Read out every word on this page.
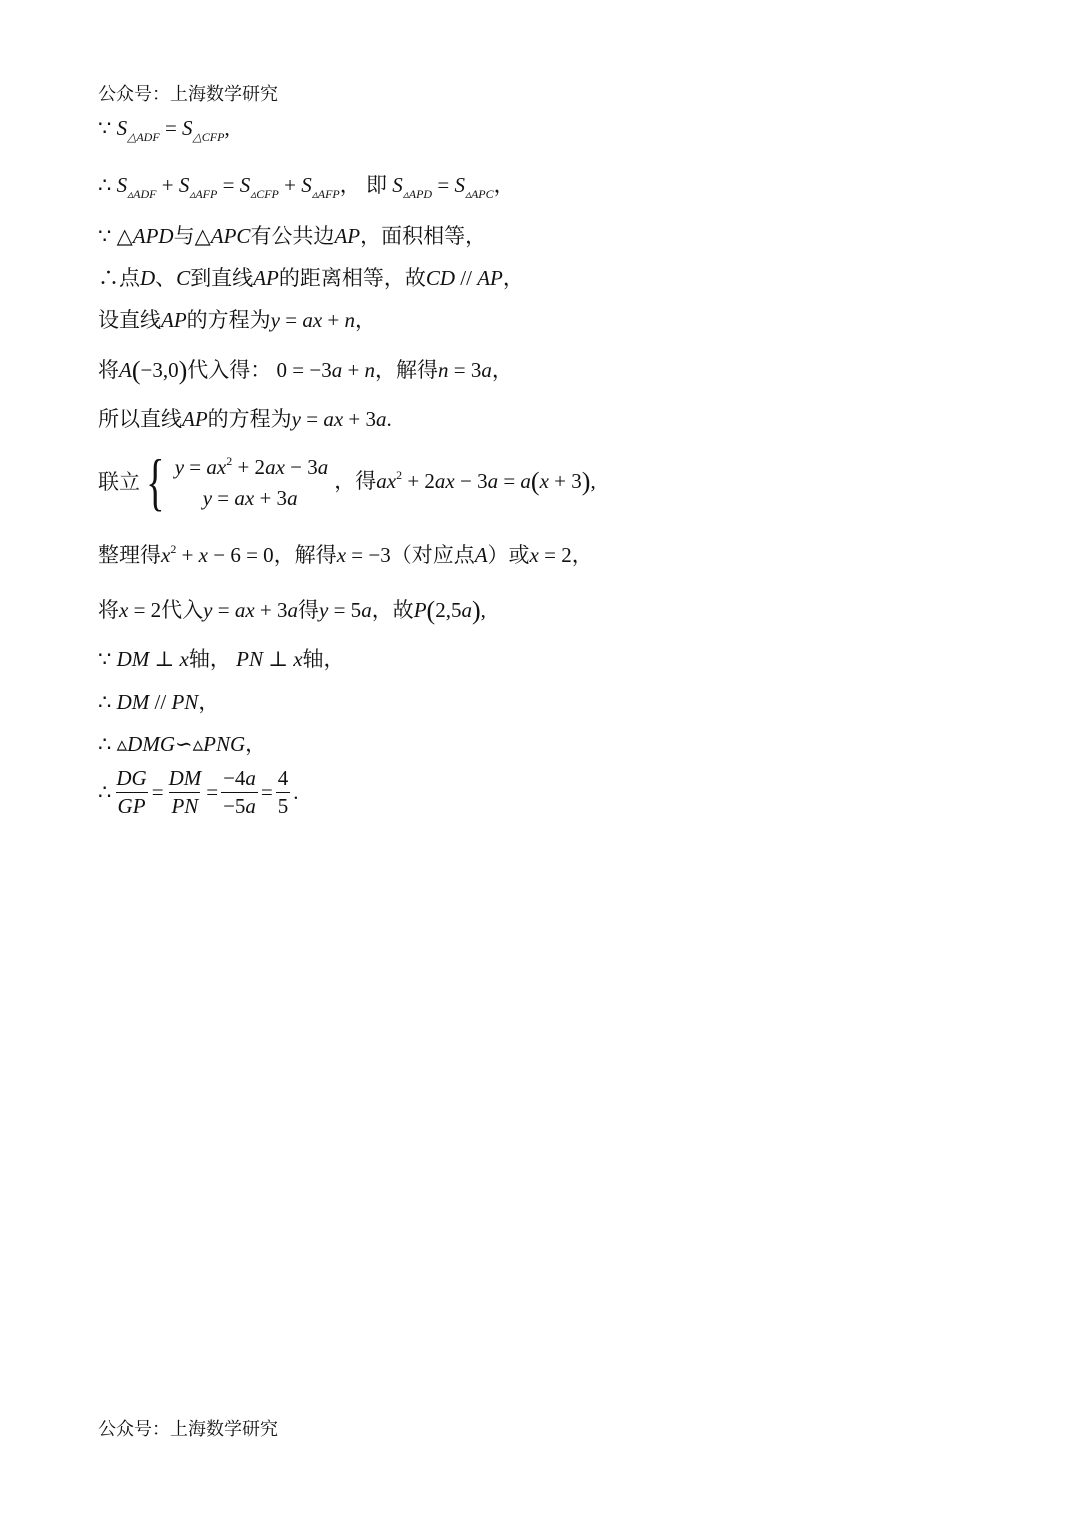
公众号：上海数学研究
∵ $S_{\triangle ADF} = S_{\triangle CFP}$,
∴ $S_{▵ADF} + S_{▵AFP} = S_{▵CFP} + S_{▵AFP}$， 即 $S_{▵APD} = S_{▵APC}$，
∵ △APD与△APC有公共边AP，面积相等，
∴点D、C到直线AP的距离相等，故CD // AP，
设直线AP的方程为y = ax + n，
将A(−3,0)代入得： 0 = −3a + n，解得n = 3a，
所以直线AP的方程为y = ax + 3a.
联立 { $y = ax^2 + 2ax - 3a$
y = ax + 3a
，得$ax^2 + 2ax - 3a = a(x + 3)$,
整理得$x^2 + x - 6 = 0$，解得x = −3（对应点A）或x = 2，
将x = 2代入y = ax + 3a得y = 5a，故P(2,5a),
∵ DM ⊥ x轴， PN ⊥ x轴，
∴ DM // PN，
∴ ▵DMG∽▵PNG，
∴ $\frac{DG}{GP} = \frac{DM}{PN} = \frac{-4a}{-5a} = \frac{4}{5}$ .
公众号：上海数学研究
